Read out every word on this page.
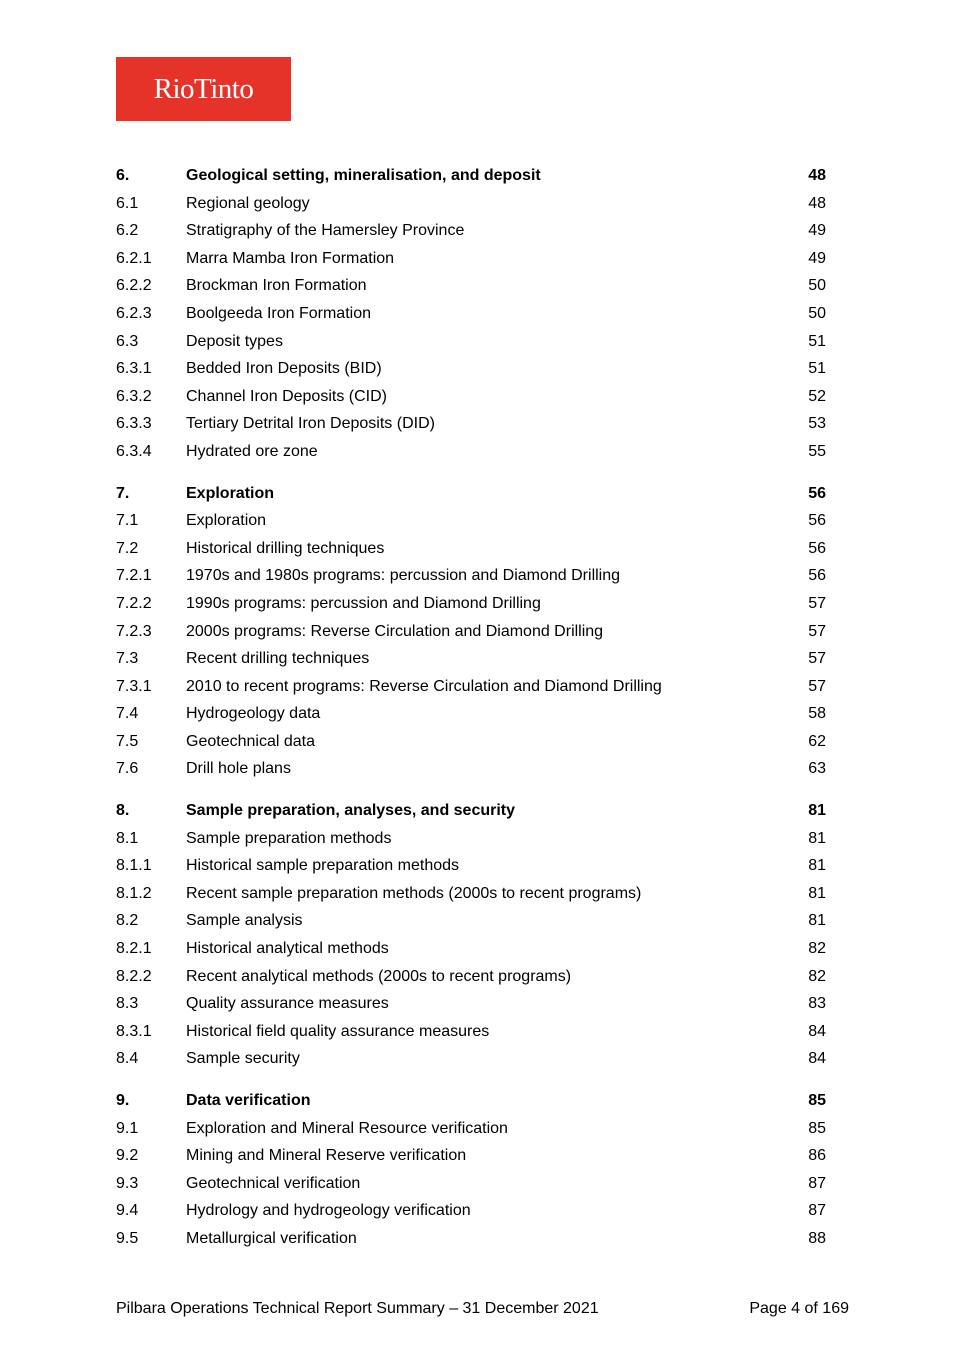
RioTinto
6.	Geological setting, mineralisation, and deposit	48
6.1	Regional geology	48
6.2	Stratigraphy of the Hamersley Province	49
6.2.1 Marra Mamba Iron Formation	49
6.2.2 Brockman Iron Formation	50
6.2.3 Boolgeeda Iron Formation	50
6.3	Deposit types	51
6.3.1 Bedded Iron Deposits (BID)	51
6.3.2 Channel Iron Deposits (CID)	52
6.3.3 Tertiary Detrital Iron Deposits (DID)	53
6.3.4 Hydrated ore zone	55
7.	Exploration	56
7.1	Exploration	56
7.2	Historical drilling techniques	56
7.2.1 1970s and 1980s programs: percussion and Diamond Drilling	56
7.2.2 1990s programs: percussion and Diamond Drilling	57
7.2.3 2000s programs: Reverse Circulation and Diamond Drilling	57
7.3	Recent drilling techniques	57
7.3.1 2010 to recent programs: Reverse Circulation and Diamond Drilling	57
7.4	Hydrogeology data	58
7.5	Geotechnical data	62
7.6	Drill hole plans	63
8.	Sample preparation, analyses, and security	81
8.1	Sample preparation methods	81
8.1.1 Historical sample preparation methods	81
8.1.2 Recent sample preparation methods (2000s to recent programs)	81
8.2	Sample analysis	81
8.2.1 Historical analytical methods	82
8.2.2 Recent analytical methods (2000s to recent programs)	82
8.3	Quality assurance measures	83
8.3.1 Historical field quality assurance measures	84
8.4	Sample security	84
9.	Data verification	85
9.1	Exploration and Mineral Resource verification	85
9.2	Mining and Mineral Reserve verification	86
9.3	Geotechnical verification	87
9.4	Hydrology and hydrogeology verification	87
9.5	Metallurgical verification	88
Pilbara Operations Technical Report Summary – 31 December 2021	Page 4 of 169
